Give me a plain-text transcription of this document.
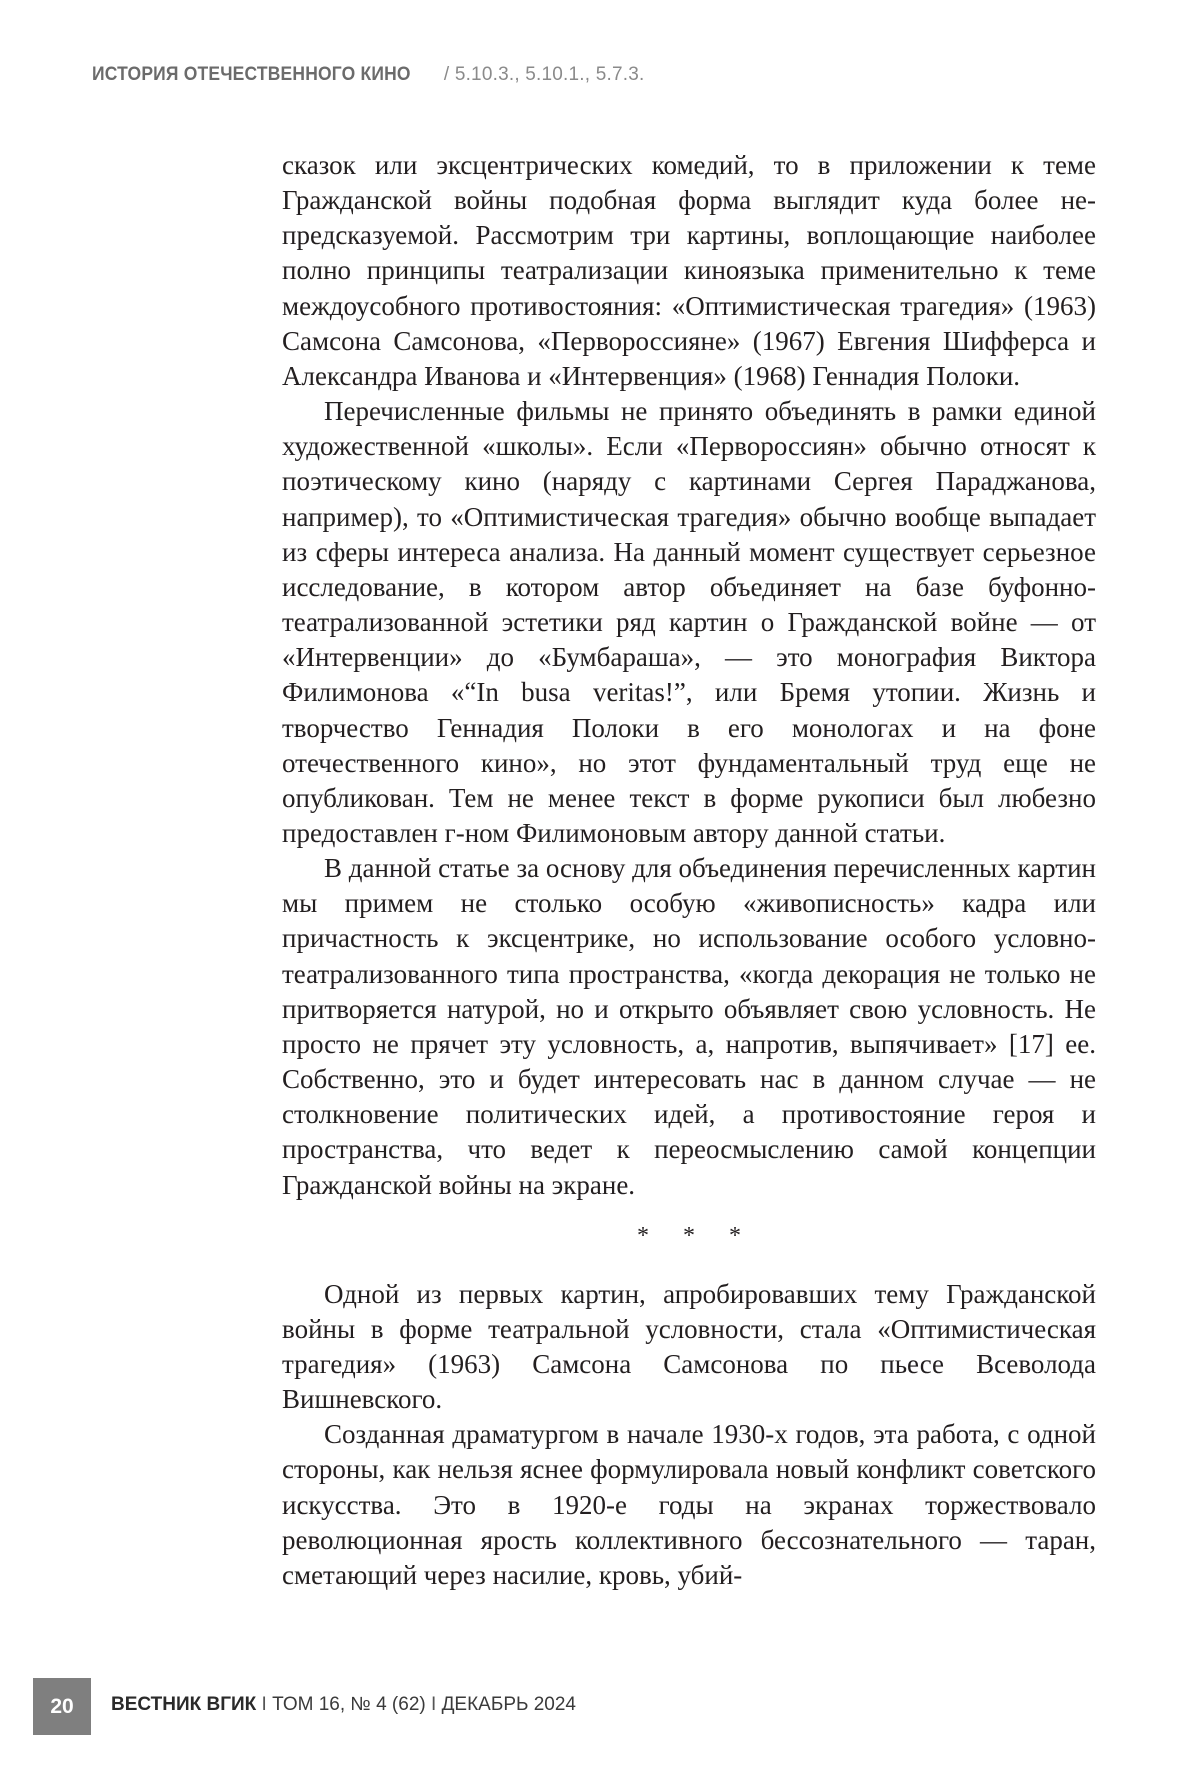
ИСТОРИЯ ОТЕЧЕСТВЕННОГО КИНО / 5.10.3., 5.10.1., 5.7.3.

сказок или эксцентрических комедий, то в приложении к теме Гражданской войны подобная форма выглядит куда более не­предсказуемой. Рассмотрим три картины, воплощающие наибо­лее полно принципы театрализации киноязыка применительно к теме междоусобного противостояния: «Оптимистическая трагедия» (1963) Самсона Самсонова, «Первороссияне» (1967) Евгения Шифферса и Александра Иванова и «Интервенция» (1968) Геннадия Полоки.

Перечисленные фильмы не принято объединять в рамки единой художественной «школы». Если «Первороссиян» обыч­но относят к поэтическому кино (наряду с картинами Сергея Параджанова, например), то «Оптимистическая трагедия» обычно вообще выпадает из сферы интереса анализа. На дан­ный момент существует серьезное исследование, в котором ав­тор объединяет на базе буфонно-театрализованной эстетики ряд картин о Гражданской войне — от «Интервенции» до «Бум­бараша», — это монография Виктора Филимонова «“In busa veritas!”, или Бремя утопии. Жизнь и творчество Геннадия По­локи в его монологах и на фоне отечественного кино», но этот фундаментальный труд еще не опубликован. Тем не менее текст в форме рукописи был любезно предоставлен г-ном Филимоно­вым автору данной статьи.

В данной статье за основу для объединения перечисленных картин мы примем не столько особую «живописность» кадра или причастность к эксцентрике, но использование особого ус­ловно-театрализованного типа пространства, «когда декорация не только не притворяется натурой, но и открыто объявляет свою условность. Не просто не прячет эту условность, а, напро­тив, выпячивает» [17] ее. Собственно, это и будет интересовать нас в данном случае — не столкновение политических идей, а противостояние героя и пространства, что ведет к переосмыс­лению самой концепции Гражданской войны на экране.

* * *

Одной из первых картин, апробировавших тему Граждан­ской войны в форме театральной условности, стала «Оптими­стическая трагедия» (1963) Самсона Самсонова по пьесе Всево­лода Вишневского.

Созданная драматургом в начале 1930-х годов, эта рабо­та, с одной стороны, как нельзя яснее формулировала новый конфликт советского искусства. Это в 1920-е годы на экранах торжествовало революционная ярость коллективного бессоз­нательного — таран, сметающий через насилие, кровь, убий-

20	ВЕСТНИК ВГИК I ТОМ 16, № 4 (62) I ДЕКАБРЬ 2024
